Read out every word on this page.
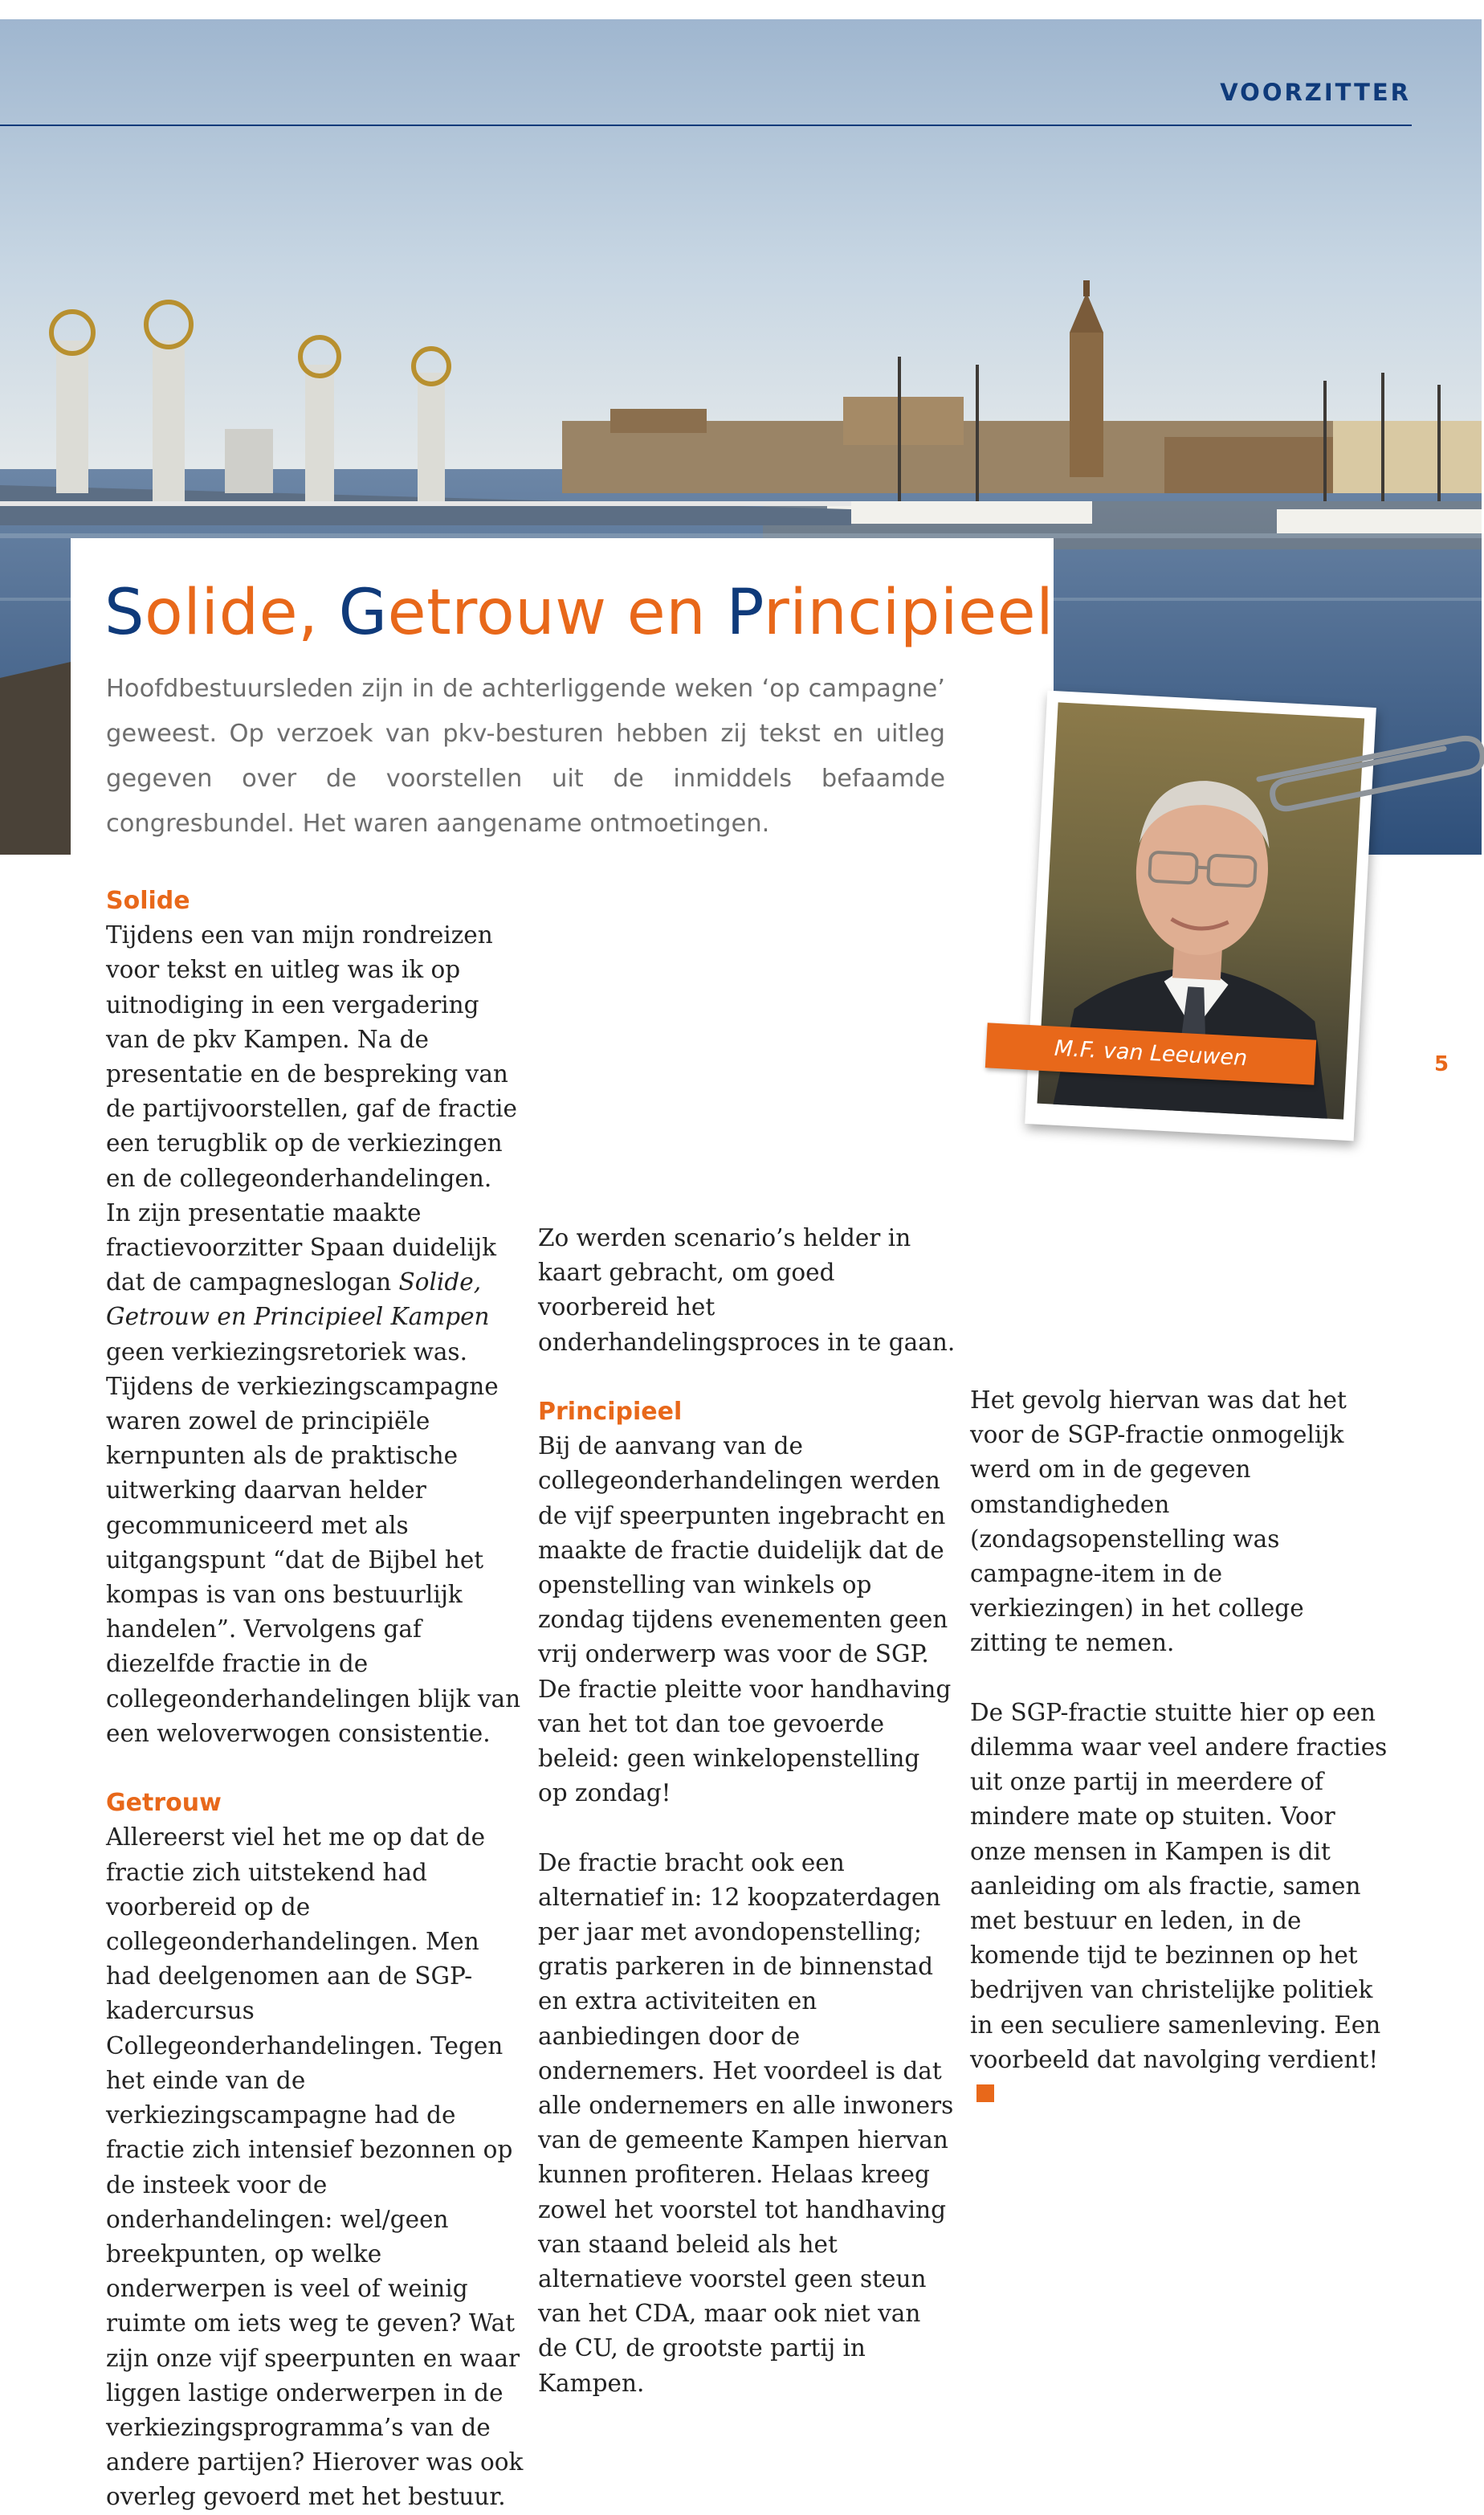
VOORZITTER
Solide, Getrouw en Principieel

Hoofdbestuursleden zijn in de achterliggende weken ‘op campagne’ geweest. Op verzoek van pkv-besturen hebben zij tekst en uitleg gegeven over de voorstellen uit de inmiddels befaamde congresbundel. Het waren aangename ontmoetingen.

M.F. van Leeuwen	5
Solide

Tijdens een van mijn rondreizen voor tekst en uitleg was ik op uitnodiging in een vergadering van de pkv Kampen. Na de presentatie en de bespreking van de partijvoorstellen, gaf de fractie een terugblik op de verkiezingen en de collegeonderhandelingen. In zijn presentatie maakte fractievoorzitter Spaan duidelijk dat de campagneslogan Solide, Getrouw en Principieel Kampen geen verkiezingsretoriek was. Tijdens de verkiezingscampagne waren zowel de principiële kernpunten als de praktische uitwerking daarvan helder gecommuniceerd met als uitgangspunt “dat de Bijbel het kompas is van ons bestuurlijk handelen”. Vervolgens gaf diezelfde fractie in de collegeonderhandelingen blijk van een weloverwogen consistentie.

Getrouw

Allereerst viel het me op dat de fractie zich uitstekend had voorbereid op de collegeonderhandelingen. Men had deelgenomen aan de SGP-kadercursus Collegeonderhandelingen. Tegen het einde van de verkiezingscampagne had de fractie zich intensief bezonnen op de insteek voor de onderhandelingen: wel/geen breekpunten, op welke onderwerpen is veel of weinig ruimte om iets weg te geven? Wat zijn onze vijf speerpunten en waar liggen lastige onderwerpen in de verkiezingsprogramma’s van de andere partijen? Hierover was ook overleg gevoerd met het bestuur.

Zo werden scenario’s helder in kaart gebracht, om goed voorbereid het onderhandelingsproces in te gaan.

Principieel

Bij de aanvang van de collegeonderhandelingen werden de vijf speerpunten ingebracht en maakte de fractie duidelijk dat de openstelling van winkels op zondag tijdens evenementen geen vrij onderwerp was voor de SGP. De fractie pleitte voor handhaving van het tot dan toe gevoerde beleid: geen winkelopenstelling op zondag!

De fractie bracht ook een alternatief in: 12 koopzaterdagen per jaar met avondopenstelling; gratis parkeren in de binnenstad en extra activiteiten en aanbiedingen door de ondernemers. Het voordeel is dat alle ondernemers en alle inwoners van de gemeente Kampen hiervan kunnen profiteren. Helaas kreeg zowel het voorstel tot handhaving van staand beleid als het alternatieve voorstel geen steun van het CDA, maar ook niet van de CU, de grootste partij in Kampen.

Het gevolg hiervan was dat het voor de SGP-fractie onmogelijk werd om in de gegeven omstandigheden (zondagsopenstelling was campagne-item in de verkiezingen) in het college zitting te nemen.

De SGP-fractie stuitte hier op een dilemma waar veel andere fracties uit onze partij in meerdere of mindere mate op stuiten. Voor onze mensen in Kampen is dit aanleiding om als fractie, samen met bestuur en leden, in de komende tijd te bezinnen op het bedrijven van christelijke politiek in een seculiere samenleving. Een voorbeeld dat navolging verdient!
